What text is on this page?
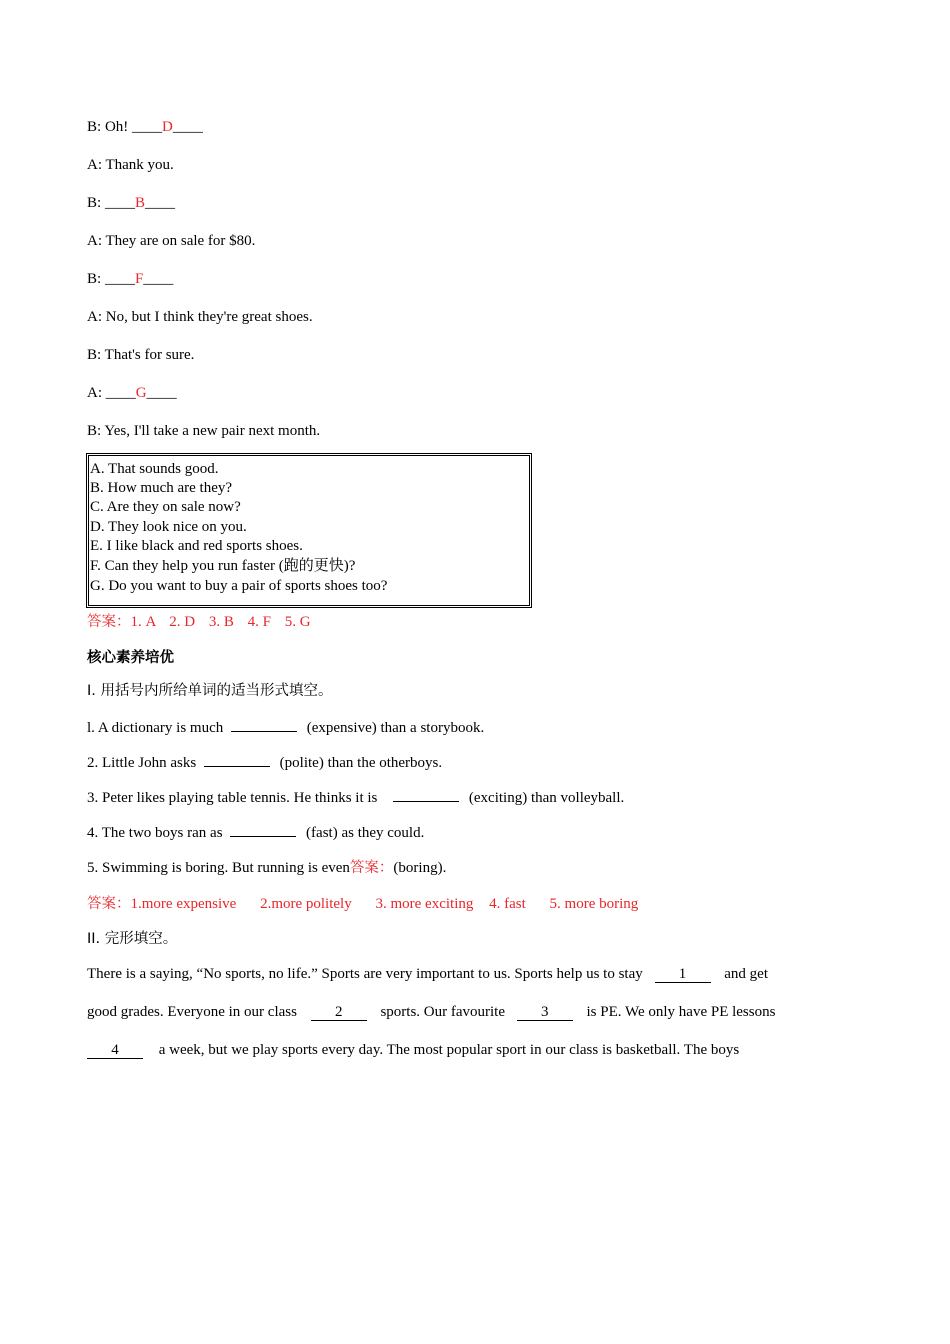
B: Oh! ____D____
A: Thank you.
B: ____B____
A: They are on sale for $80.
B: ____F____
A: No, but I think they're great shoes.
B: That's for sure.
A: ____G____
B: Yes, I'll take a new pair next month.
A. That sounds good.
B. How much are they?
C. Are they on sale now?
D. They look nice on you.
E. I like black and red sports shoes.
F. Can they help you run faster (跑的更快)?
G. Do you want to buy a pair of sports shoes too?
答案：1. A 2. D 3. B 4. F 5. G
核心素养培优
I. 用括号内所给单词的适当形式填空。
l. A dictionary is much	(expensive) than a storybook.
2. Little John asks	(polite) than the otherboys.
3. Peter likes playing table tennis. He thinks it is	(exciting) than volleyball.
4. The two boys ran as	(fast) as they could.
5. Swimming is boring. But running is even答案：(boring).
答案：1.more expensive 2.more politely 3. more exciting 4. fast 5. more boring
II. 完形填空。
There is a saying, “No sports, no life.” Sports are very important to us. Sports help us to stay 1	and get
good grades. Everyone in our class	2	sports. Our favourite 3	is PE. We only have PE lessons
4	a week, but we play sports every day. The most popular sport in our class is basketball. The boys
